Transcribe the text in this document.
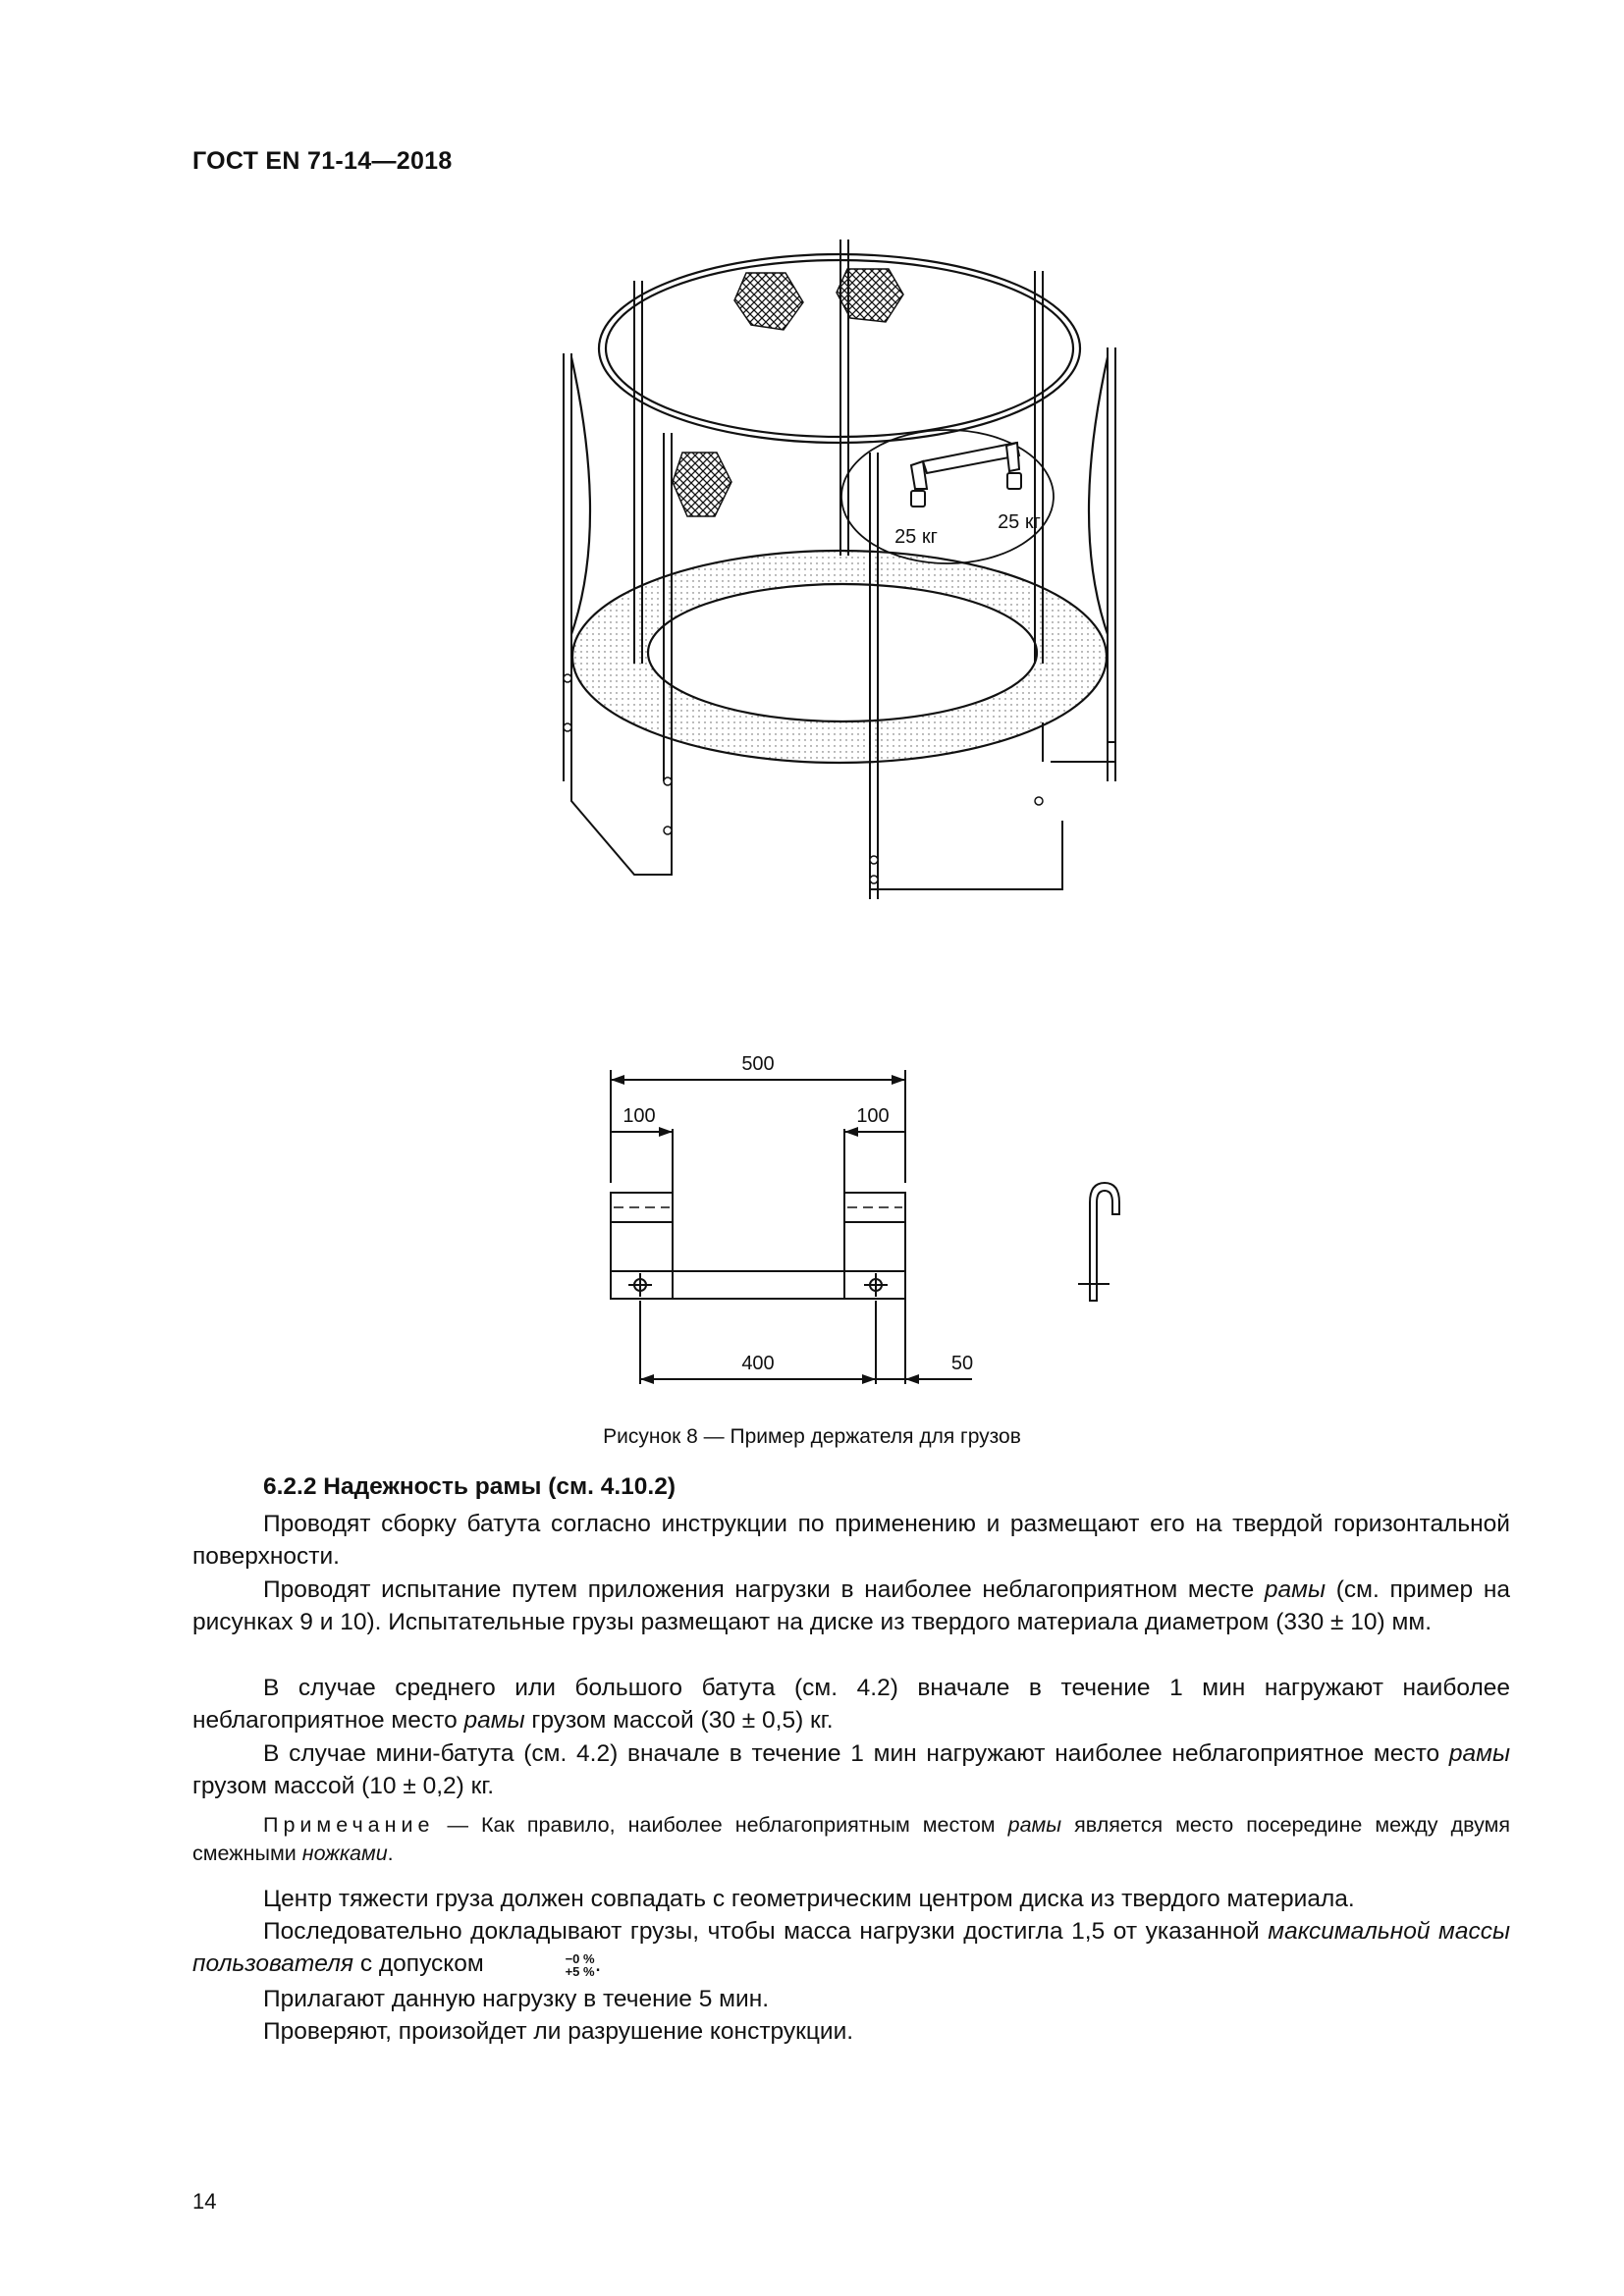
ГОСТ EN 71-14—2018
25 кг
25 кг
500
100	100
400	50
Рисунок 8 — Пример держателя для грузов
6.2.2 Надежность рамы (см. 4.10.2)

Проводят сборку батута согласно инструкции по применению и размещают его на твердой горизонтальной поверхности.

Проводят испытание путем приложения нагрузки в наиболее неблагоприятном месте рамы (см. пример на рисунках 9 и 10). Испытательные грузы размещают на диске из твердого материала диаметром (330 ± 10) мм.

В случае среднего или большого батута (см. 4.2) вначале в течение 1 мин нагружают наиболее неблагоприятное место рамы грузом массой (30 ± 0,5) кг.

В случае мини-батута (см. 4.2) вначале в течение 1 мин нагружают наиболее неблагоприятное место рамы грузом массой (10 ± 0,2) кг.

Примечание — Как правило, наиболее неблагоприятным местом рамы является место посередине между двумя смежными ножками.

Центр тяжести груза должен совпадать с геометрическим центром диска из твердого материала.

Последовательно докладывают грузы, чтобы масса нагрузки достигла 1,5 от указанной максимальной массы пользователя с допуском	−0 %
+5 % .

Прилагают данную нагрузку в течение 5 мин.

Проверяют, произойдет ли разрушение конструкции.

14
